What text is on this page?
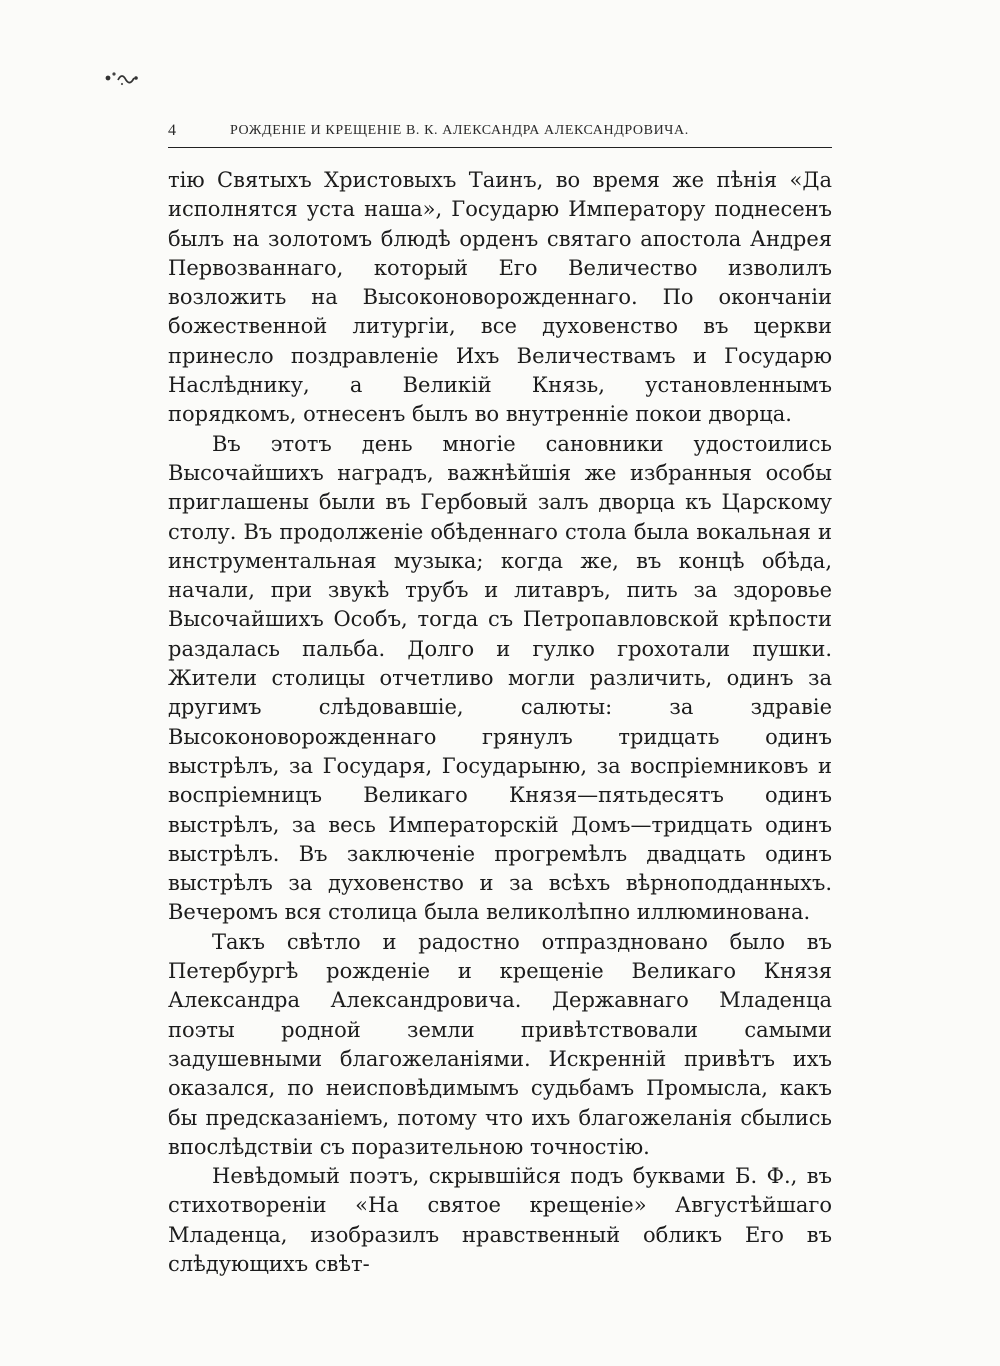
4	РОЖДЕНІЕ И КРЕЩЕНІЕ В. К. АЛЕКСАНДРА АЛЕКСАНДРОВИЧА.

тію Святыхъ Христовыхъ Таинъ, во время же пѣнія «Да исполнятся уста наша», Государю Императору поднесенъ былъ на золотомъ блюдѣ орденъ святаго апостола Андрея Первозваннаго, который Его Величество изволилъ возложить на Высоконоворожденнаго. По окончаніи божественной литургіи, все духовенство въ церкви принесло поздравленіе Ихъ Величествамъ и Государю Наслѣднику, а Великій Князь, установленнымъ порядкомъ, отнесенъ былъ во внутренніе покои дворца.

Въ этотъ день многіе сановники удостоились Высочайшихъ наградъ, важнѣйшія же избранныя особы приглашены были въ Гербовый залъ дворца къ Царскому столу. Въ продолженіе обѣденнаго стола была вокальная и инструментальная музыка; когда же, въ концѣ обѣда, начали, при звукѣ трубъ и литавръ, пить за здоровье Высочайшихъ Особъ, тогда съ Петропавловской крѣпости раздалась пальба. Долго и гулко грохотали пушки. Жители столицы отчетливо могли различить, одинъ за другимъ слѣдовавшіе, салюты: за здравіе Высоконоворожденнаго грянулъ тридцать одинъ выстрѣлъ, за Государя, Государыню, за воспріемниковъ и воспріемницъ Великаго Князя—пятьдесятъ одинъ выстрѣлъ, за весь Императорскій Домъ—тридцать одинъ выстрѣлъ. Въ заключеніе прогремѣлъ двадцать одинъ выстрѣлъ за духовенство и за всѣхъ вѣрноподданныхъ. Вечеромъ вся столица была великолѣпно иллюминована.

Такъ свѣтло и радостно отпраздновано было въ Петербургѣ рожденіе и крещеніе Великаго Князя Александра Александровича. Державнаго Младенца поэты родной земли привѣтствовали самыми задушевными благожеланіями. Искренній привѣтъ ихъ оказался, по неисповѣдимымъ судьбамъ Промысла, какъ бы предсказаніемъ, потому что ихъ благожеланія сбылись впослѣдствіи съ поразительною точностію.

Невѣдомый поэтъ, скрывшійся подъ буквами Б. Ф., въ стихотвореніи «На святое крещеніе» Августѣйшаго Младенца, изобразилъ нравственный обликъ Его въ слѣдующихъ свѣт-
